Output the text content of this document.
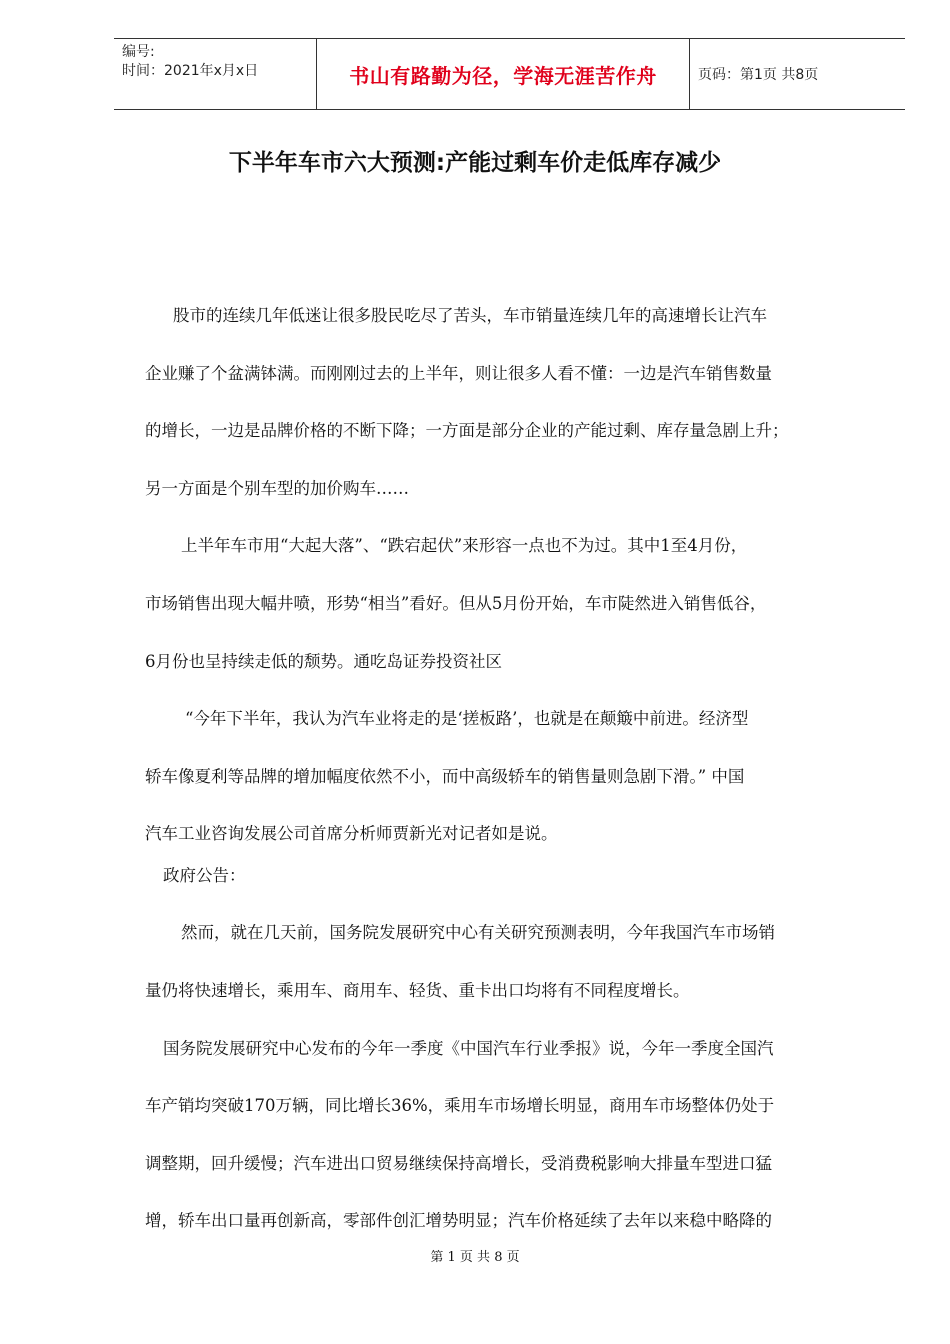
编号:
时间：2021年x月x日	书山有路勤为径，学海无涯苦作舟	页码：第1页 共8页
下半年车市六大预测:产能过剩车价走低库存减少
股市的连续几年低迷让很多股民吃尽了苦头，车市销量连续几年的高速增长让汽车
企业赚了个盆满钵满。而刚刚过去的上半年，则让很多人看不懂：一边是汽车销售数量
的增长，一边是品牌价格的不断下降；一方面是部分企业的产能过剩、库存量急剧上升；
另一方面是个别车型的加价购车……
上半年车市用“大起大落”、“跌宕起伏”来形容一点也不为过。其中1至4月份，
市场销售出现大幅井喷，形势“相当”看好。但从5月份开始，车市陡然进入销售低谷，
6月份也呈持续走低的颓势。通吃岛证券投资社区
“今年下半年，我认为汽车业将走的是‘搓板路’，也就是在颠簸中前进。经济型
轿车像夏利等品牌的增加幅度依然不小，而中高级轿车的销售量则急剧下滑。” 中国
汽车工业咨询发展公司首席分析师贾新光对记者如是说。
政府公告：
然而，就在几天前，国务院发展研究中心有关研究预测表明，今年我国汽车市场销
量仍将快速增长，乘用车、商用车、轻货、重卡出口均将有不同程度增长。
国务院发展研究中心发布的今年一季度《中国汽车行业季报》说，今年一季度全国汽
车产销均突破170万辆，同比增长36%，乘用车市场增长明显，商用车市场整体仍处于
调整期，回升缓慢；汽车进出口贸易继续保持高增长，受消费税影响大排量车型进口猛
增，轿车出口量再创新高，零部件创汇增势明显；汽车价格延续了去年以来稳中略降的
第 1 页 共 8 页
